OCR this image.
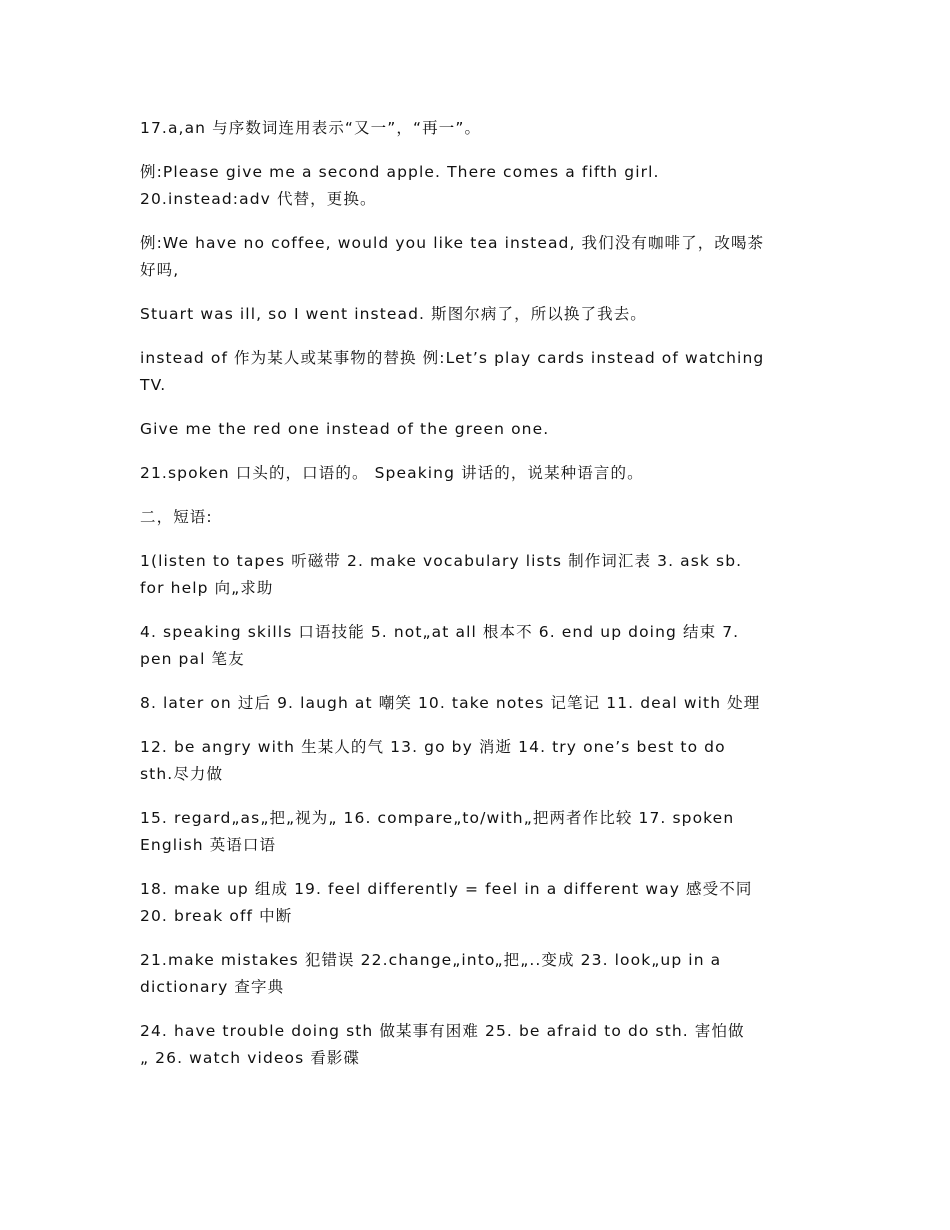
17.a,an 与序数词连用表示“又一”，“再一”。

例:Please give me a second apple. There comes a fifth girl.
20.instead:adv 代替，更换。

例:We have no coffee, would you like tea instead, 我们没有咖啡了，改喝茶
好吗,

Stuart was ill, so I went instead. 斯图尔病了，所以换了我去。

instead of 作为某人或某事物的替换 例:Let’s play cards instead of watching
TV.

Give me the red one instead of the green one.

21.spoken 口头的，口语的。 Speaking 讲话的，说某种语言的。

二，短语:

1(listen to tapes 听磁带 2. make vocabulary lists 制作词汇表 3. ask sb.
for help 向„求助

4. speaking skills 口语技能 5. not„at all 根本不 6. end up doing 结束 7.
pen pal 笔友

8. later on 过后 9. laugh at 嘲笑 10. take notes 记笔记 11. deal with 处理

12. be angry with 生某人的气 13. go by 消逝 14. try one’s best to do
sth.尽力做

15. regard„as„把„视为„ 16. compare„to/with„把两者作比较 17. spoken
English 英语口语

18. make up 组成 19. feel differently = feel in a different way 感受不同
20. break off 中断

21.make mistakes 犯错误 22.change„into„把„..变成 23. look„up in a
dictionary 查字典

24. have trouble doing sth 做某事有困难 25. be afraid to do sth. 害怕做
„ 26. watch videos 看影碟
